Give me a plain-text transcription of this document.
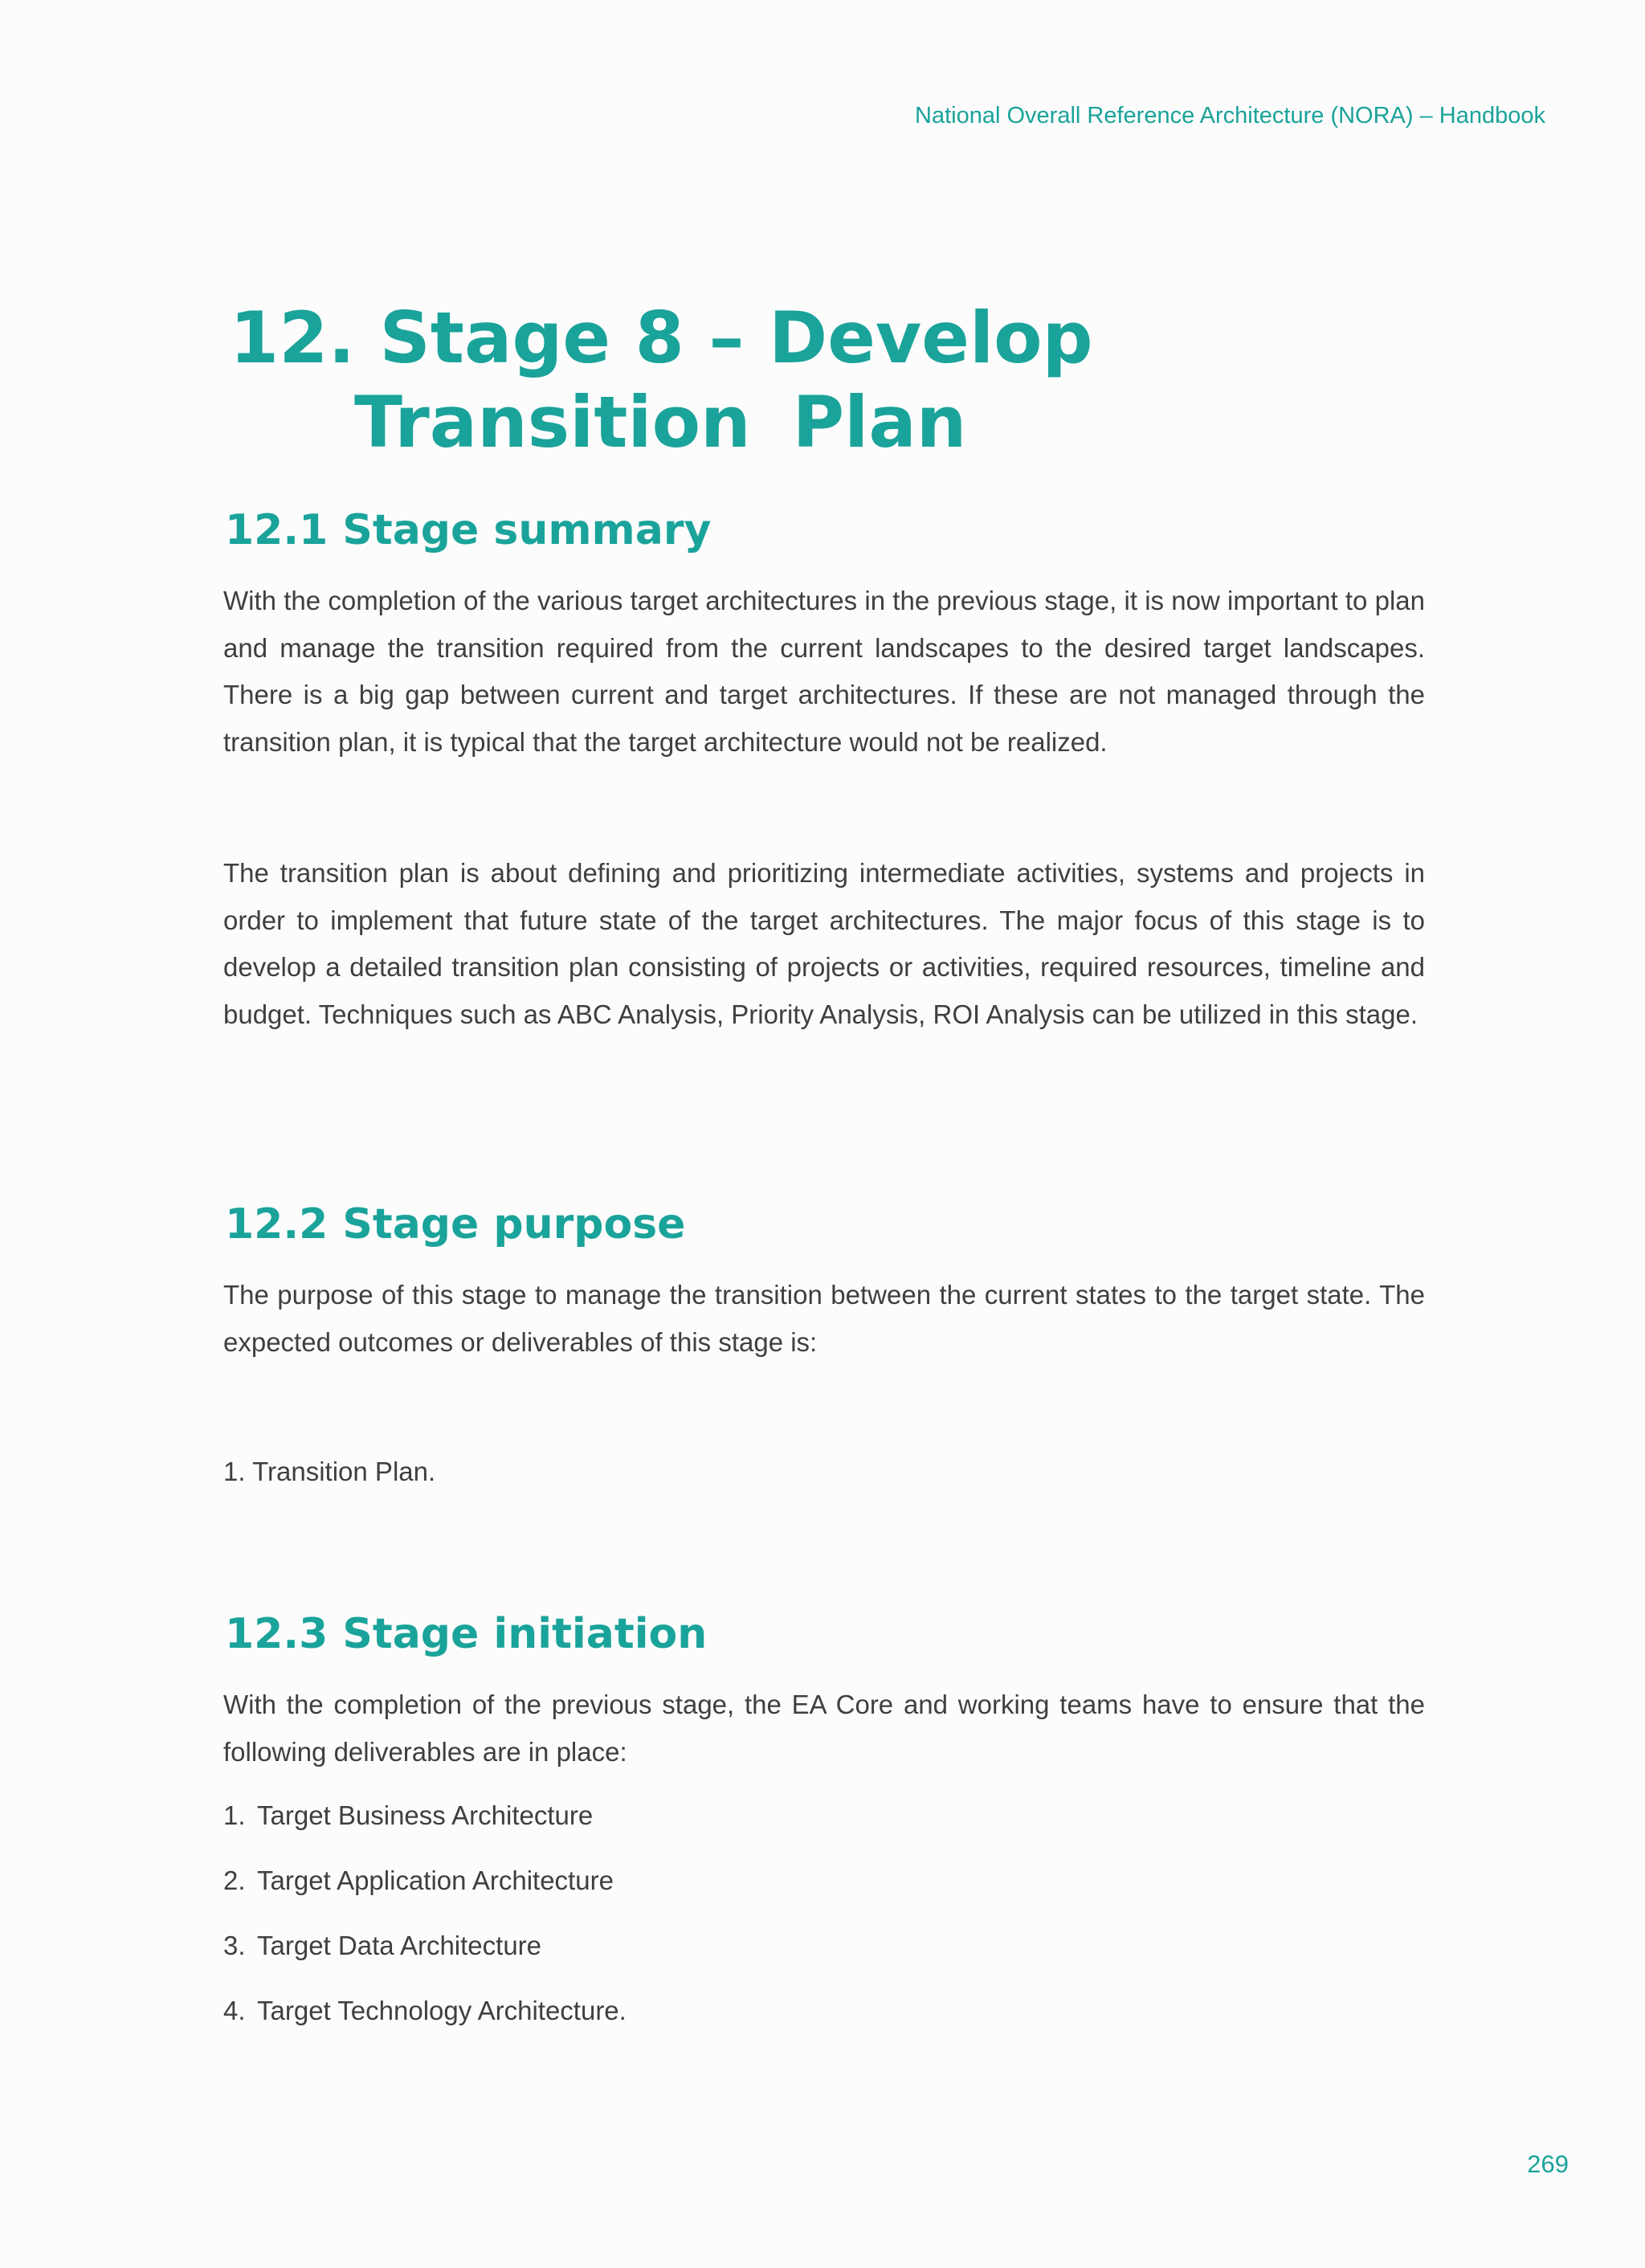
National Overall Reference Architecture (NORA) – Handbook
12. Stage 8 – Develop
Transition Plan
12.1 Stage summary

With the completion of the various target architectures in the previous stage, it is now important to plan and manage the transition required from the current landscapes to the desired target landscapes. There is a big gap between current and target architectures. If these are not managed through the transition plan, it is typical that the target architecture would not be realized.

The transition plan is about defining and prioritizing intermediate activities, systems and projects in order to implement that future state of the target architectures. The major focus of this stage is to develop a detailed transition plan consisting of projects or activities, required resources, timeline and budget. Techniques such as ABC Analysis, Priority Analysis, ROI Analysis can be utilized in this stage.

12.2 Stage purpose

The purpose of this stage to manage the transition between the current states to the target state. The expected outcomes or deliverables of this stage is:

1. Transition Plan.

12.3 Stage initiation

With the completion of the previous stage, the EA Core and working teams have to ensure that the following deliverables are in place:

1. Target Business Architecture

2. Target Application Architecture

3. Target Data Architecture

4. Target Technology Architecture.

269
